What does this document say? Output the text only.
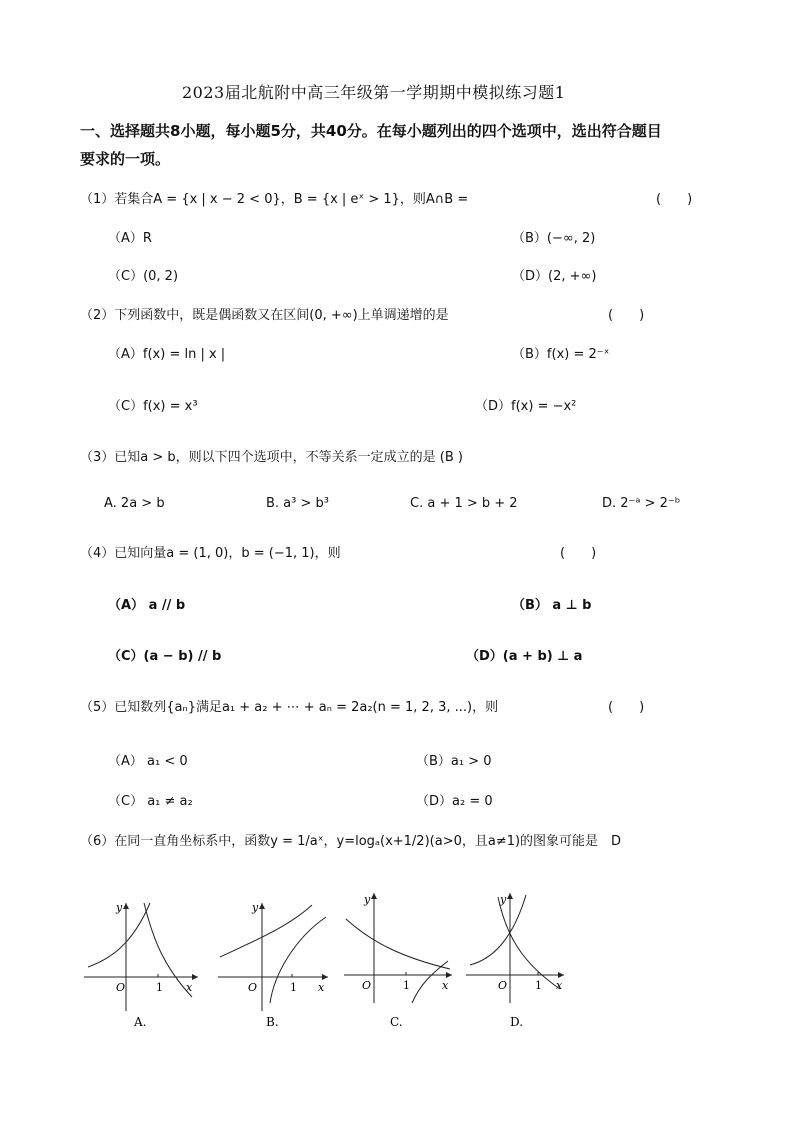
2023届北航附中高三年级第一学期期中模拟练习题1
一、选择题共8小题，每小题5分，共40分。在每小题列出的四个选项中，选出符合题目
要求的一项。
（1）若集合A = {x | x − 2 < 0}，B = {x | eˣ > 1}，则A∩B =	(　　)
（A）R	（B）(−∞, 2)
（C）(0, 2)	（D）(2, +∞)
（2）下列函数中，既是偶函数又在区间(0, +∞)上单调递增的是	(　　)
（A）f(x) = ln | x |	（B）f(x) = 2⁻ˣ
（C）f(x) = x³	（D）f(x) = −x²
（3）已知a > b，则以下四个选项中，不等关系一定成立的是 (B )
A. 2a > b	B. a³ > b³	C. a + 1 > b + 2	D. 2⁻ᵃ > 2⁻ᵇ
（4）已知向量a = (1, 0)，b = (−1, 1)，则	(　　)
（A） a // b	（B） a ⊥ b
（C）(a − b) // b	（D）(a + b) ⊥ a
（5）已知数列{aₙ}满足a₁ + a₂ + ⋯ + aₙ = 2a₂(n = 1, 2, 3, ...)，则	(　　)
（A） a₁ < 0	（B）a₁ > 0
（C） a₁ ≠ a₂	（D）a₂ = 0
（6）在同一直角坐标系中，函数y = 1/aˣ，y=logₐ(x+1/2)(a>0，且a≠1)的图象可能是　D
y
x
O	1
A.
y
x
O	1
B.
y
x
O	1
C.
y
x
O	1
D.
